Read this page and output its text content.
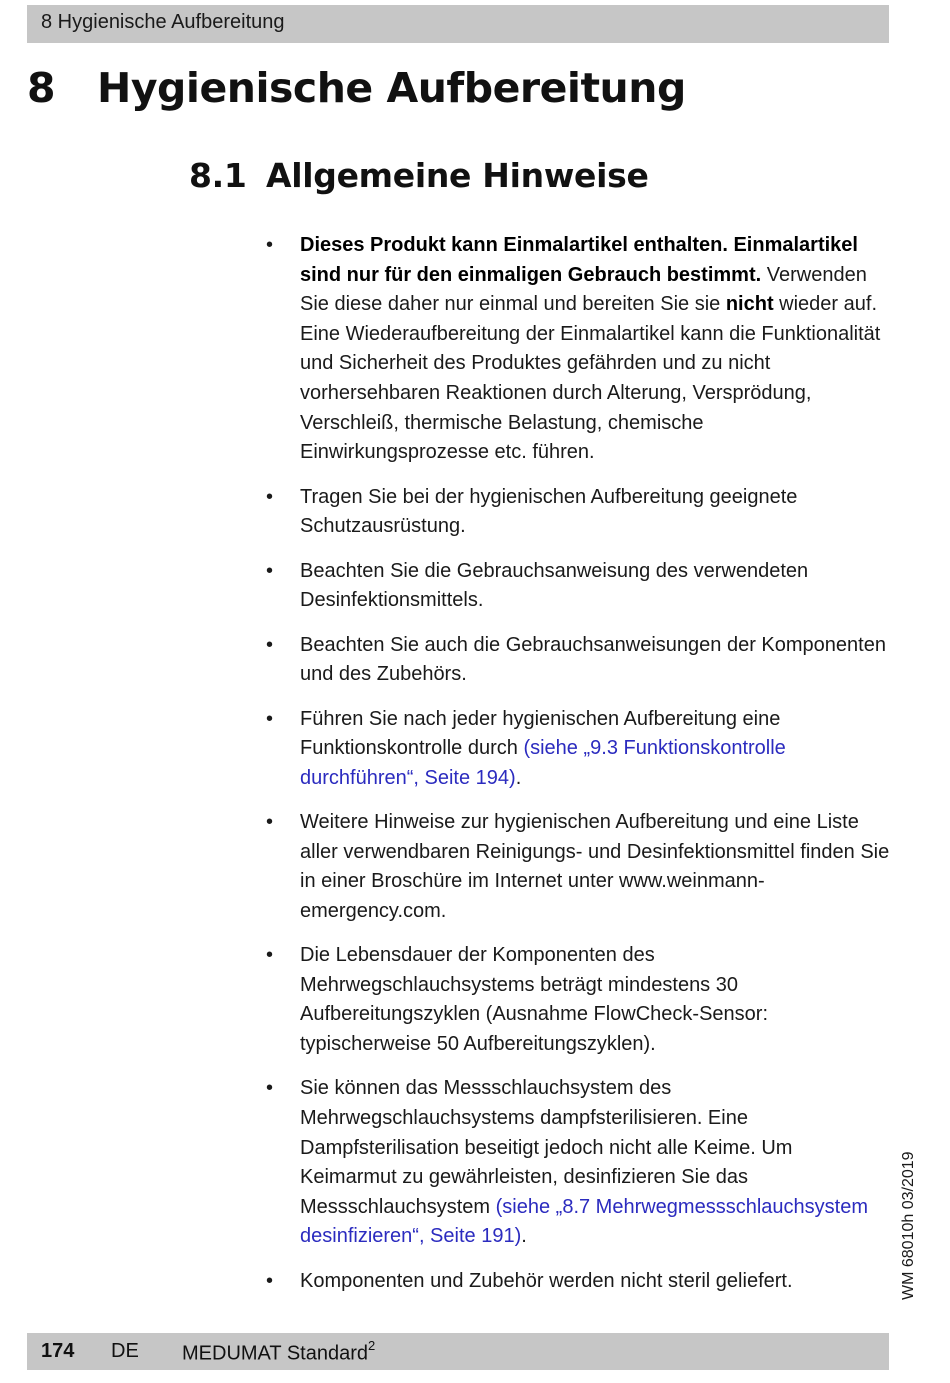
8 Hygienische Aufbereitung
8 Hygienische Aufbereitung
8.1 Allgemeine Hinweise
• Dieses Produkt kann Einmalartikel enthalten. Einmalartikel sind nur für den einmaligen Gebrauch bestimmt. Verwenden Sie diese daher nur einmal und bereiten Sie sie nicht wieder auf. Eine Wiederaufbereitung der Einmalartikel kann die Funktionalität und Sicherheit des Produktes gefährden und zu nicht vorhersehbaren Reaktionen durch Alterung, Versprödung, Verschleiß, thermische Belastung, chemische Einwirkungsprozesse etc. führen.
• Tragen Sie bei der hygienischen Aufbereitung geeignete Schutzausrüstung.
• Beachten Sie die Gebrauchsanweisung des verwendeten Desinfektionsmittels.
• Beachten Sie auch die Gebrauchsanweisungen der Komponenten und des Zubehörs.
• Führen Sie nach jeder hygienischen Aufbereitung eine Funktionskontrolle durch (siehe „9.3 Funktionskontrolle durchführen“, Seite 194).
• Weitere Hinweise zur hygienischen Aufbereitung und eine Liste aller verwendbaren Reinigungs- und Desinfektionsmittel finden Sie in einer Broschüre im Internet unter www.weinmann-emergency.com.
• Die Lebensdauer der Komponenten des Mehrwegschlauchsystems beträgt mindestens 30 Aufbereitungszyklen (Ausnahme FlowCheck-Sensor: typischerweise 50 Aufbereitungszyklen).
• Sie können das Messschlauchsystem des Mehrwegschlauchsystems dampfsterilisieren. Eine Dampfsterilisation beseitigt jedoch nicht alle Keime. Um Keimarmut zu gewährleisten, desinfizieren Sie das Messschlauchsystem (siehe „8.7 Mehrwegmessschlauchsystem desinfizieren“, Seite 191).
• Komponenten und Zubehör werden nicht steril geliefert.	WM 68010h 03/2019
174 DE MEDUMAT Standard$^2$
